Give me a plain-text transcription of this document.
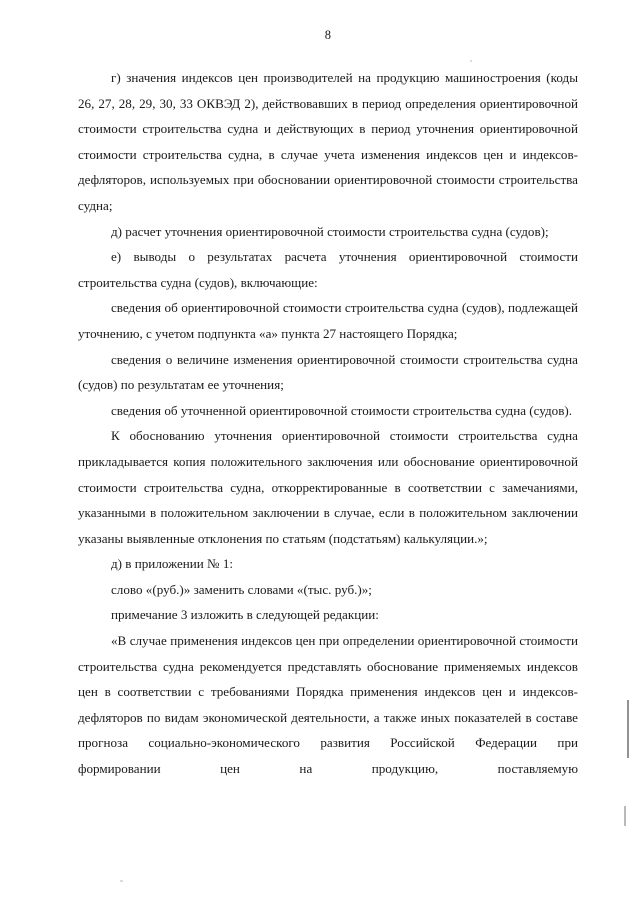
8

г) значения индексов цен производителей на продукцию машиностроения (коды 26, 27, 28, 29, 30, 33 ОКВЭД 2), действовавших в период определения ориентировочной стоимости строительства судна и действующих в период уточнения ориентировочной стоимости строительства судна, в случае учета изменения индексов цен и индексов-дефляторов, используемых при обосновании ориентировочной стоимости строительства судна;

д) расчет уточнения ориентировочной стоимости строительства судна (судов);

е) выводы о результатах расчета уточнения ориентировочной стоимости строительства судна (судов), включающие:

сведения об ориентировочной стоимости строительства судна (судов), подлежащей уточнению, с учетом подпункта «а» пункта 27 настоящего Порядка;

сведения о величине изменения ориентировочной стоимости строительства судна (судов) по результатам ее уточнения;

сведения об уточненной ориентировочной стоимости строительства судна (судов).

К обоснованию уточнения ориентировочной стоимости строительства судна прикладывается копия положительного заключения или обоснование ориентировочной стоимости строительства судна, откорректированные в соответствии с замечаниями, указанными в положительном заключении в случае, если в положительном заключении указаны выявленные отклонения по статьям (подстатьям) калькуляции.»;

д) в приложении № 1:

слово «(руб.)» заменить словами «(тыс. руб.)»;

примечание 3 изложить в следующей редакции:

«В случае применения индексов цен при определении ориентировочной стоимости строительства судна рекомендуется представлять обоснование применяемых индексов цен в соответствии с требованиями Порядка применения индексов цен и индексов-дефляторов по видам экономической деятельности, а также иных показателей в составе прогноза социально-экономического развития Российской Федерации при формировании цен на продукцию, поставляемую
